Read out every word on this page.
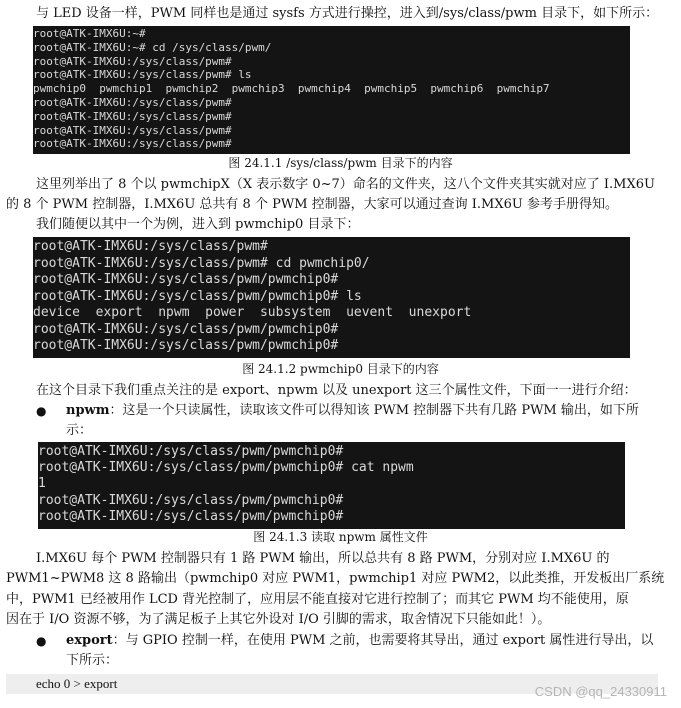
与 LED 设备一样，PWM 同样也是通过 sysfs 方式进行操控，进入到/sys/class/pwm 目录下，如下所示：
root@ATK-IMX6U:~#
root@ATK-IMX6U:~# cd /sys/class/pwm/
root@ATK-IMX6U:/sys/class/pwm#
root@ATK-IMX6U:/sys/class/pwm# ls
pwmchip0  pwmchip1  pwmchip2  pwmchip3  pwmchip4  pwmchip5  pwmchip6  pwmchip7
root@ATK-IMX6U:/sys/class/pwm#
root@ATK-IMX6U:/sys/class/pwm#
root@ATK-IMX6U:/sys/class/pwm#
root@ATK-IMX6U:/sys/class/pwm#
图 24.1.1 /sys/class/pwm 目录下的内容
这里列举出了 8 个以 pwmchipX（X 表示数字 0~7）命名的文件夹，这八个文件夹其实就对应了 I.MX6U
的 8 个 PWM 控制器，I.MX6U 总共有 8 个 PWM 控制器，大家可以通过查询 I.MX6U 参考手册得知。
我们随便以其中一个为例，进入到 pwmchip0 目录下：
root@ATK-IMX6U:/sys/class/pwm#
root@ATK-IMX6U:/sys/class/pwm# cd pwmchip0/
root@ATK-IMX6U:/sys/class/pwm/pwmchip0#
root@ATK-IMX6U:/sys/class/pwm/pwmchip0# ls
device  export  npwm  power  subsystem  uevent  unexport
root@ATK-IMX6U:/sys/class/pwm/pwmchip0#
root@ATK-IMX6U:/sys/class/pwm/pwmchip0#
图 24.1.2 pwmchip0 目录下的内容
在这个目录下我们重点关注的是 export、npwm 以及 unexport 这三个属性文件，下面一一进行介绍：
● npwm：这是一个只读属性，读取该文件可以得知该 PWM 控制器下共有几路 PWM 输出，如下所
示：
root@ATK-IMX6U:/sys/class/pwm/pwmchip0#
root@ATK-IMX6U:/sys/class/pwm/pwmchip0# cat npwm
1
root@ATK-IMX6U:/sys/class/pwm/pwmchip0#
root@ATK-IMX6U:/sys/class/pwm/pwmchip0#
图 24.1.3 读取 npwm 属性文件
I.MX6U 每个 PWM 控制器只有 1 路 PWM 输出，所以总共有 8 路 PWM，分别对应 I.MX6U 的
PWM1~PWM8 这 8 路输出（pwmchip0 对应 PWM1，pwmchip1 对应 PWM2，以此类推，开发板出厂系统
中，PWM1 已经被用作 LCD 背光控制了，应用层不能直接对它进行控制了；而其它 PWM 均不能使用，原
因在于 I/O 资源不够，为了满足板子上其它外设对 I/O 引脚的需求，取舍情况下只能如此！）。
● export：与 GPIO 控制一样，在使用 PWM 之前，也需要将其导出，通过 export 属性进行导出，以
下所示：
echo 0 > export
CSDN @qq_24330911
